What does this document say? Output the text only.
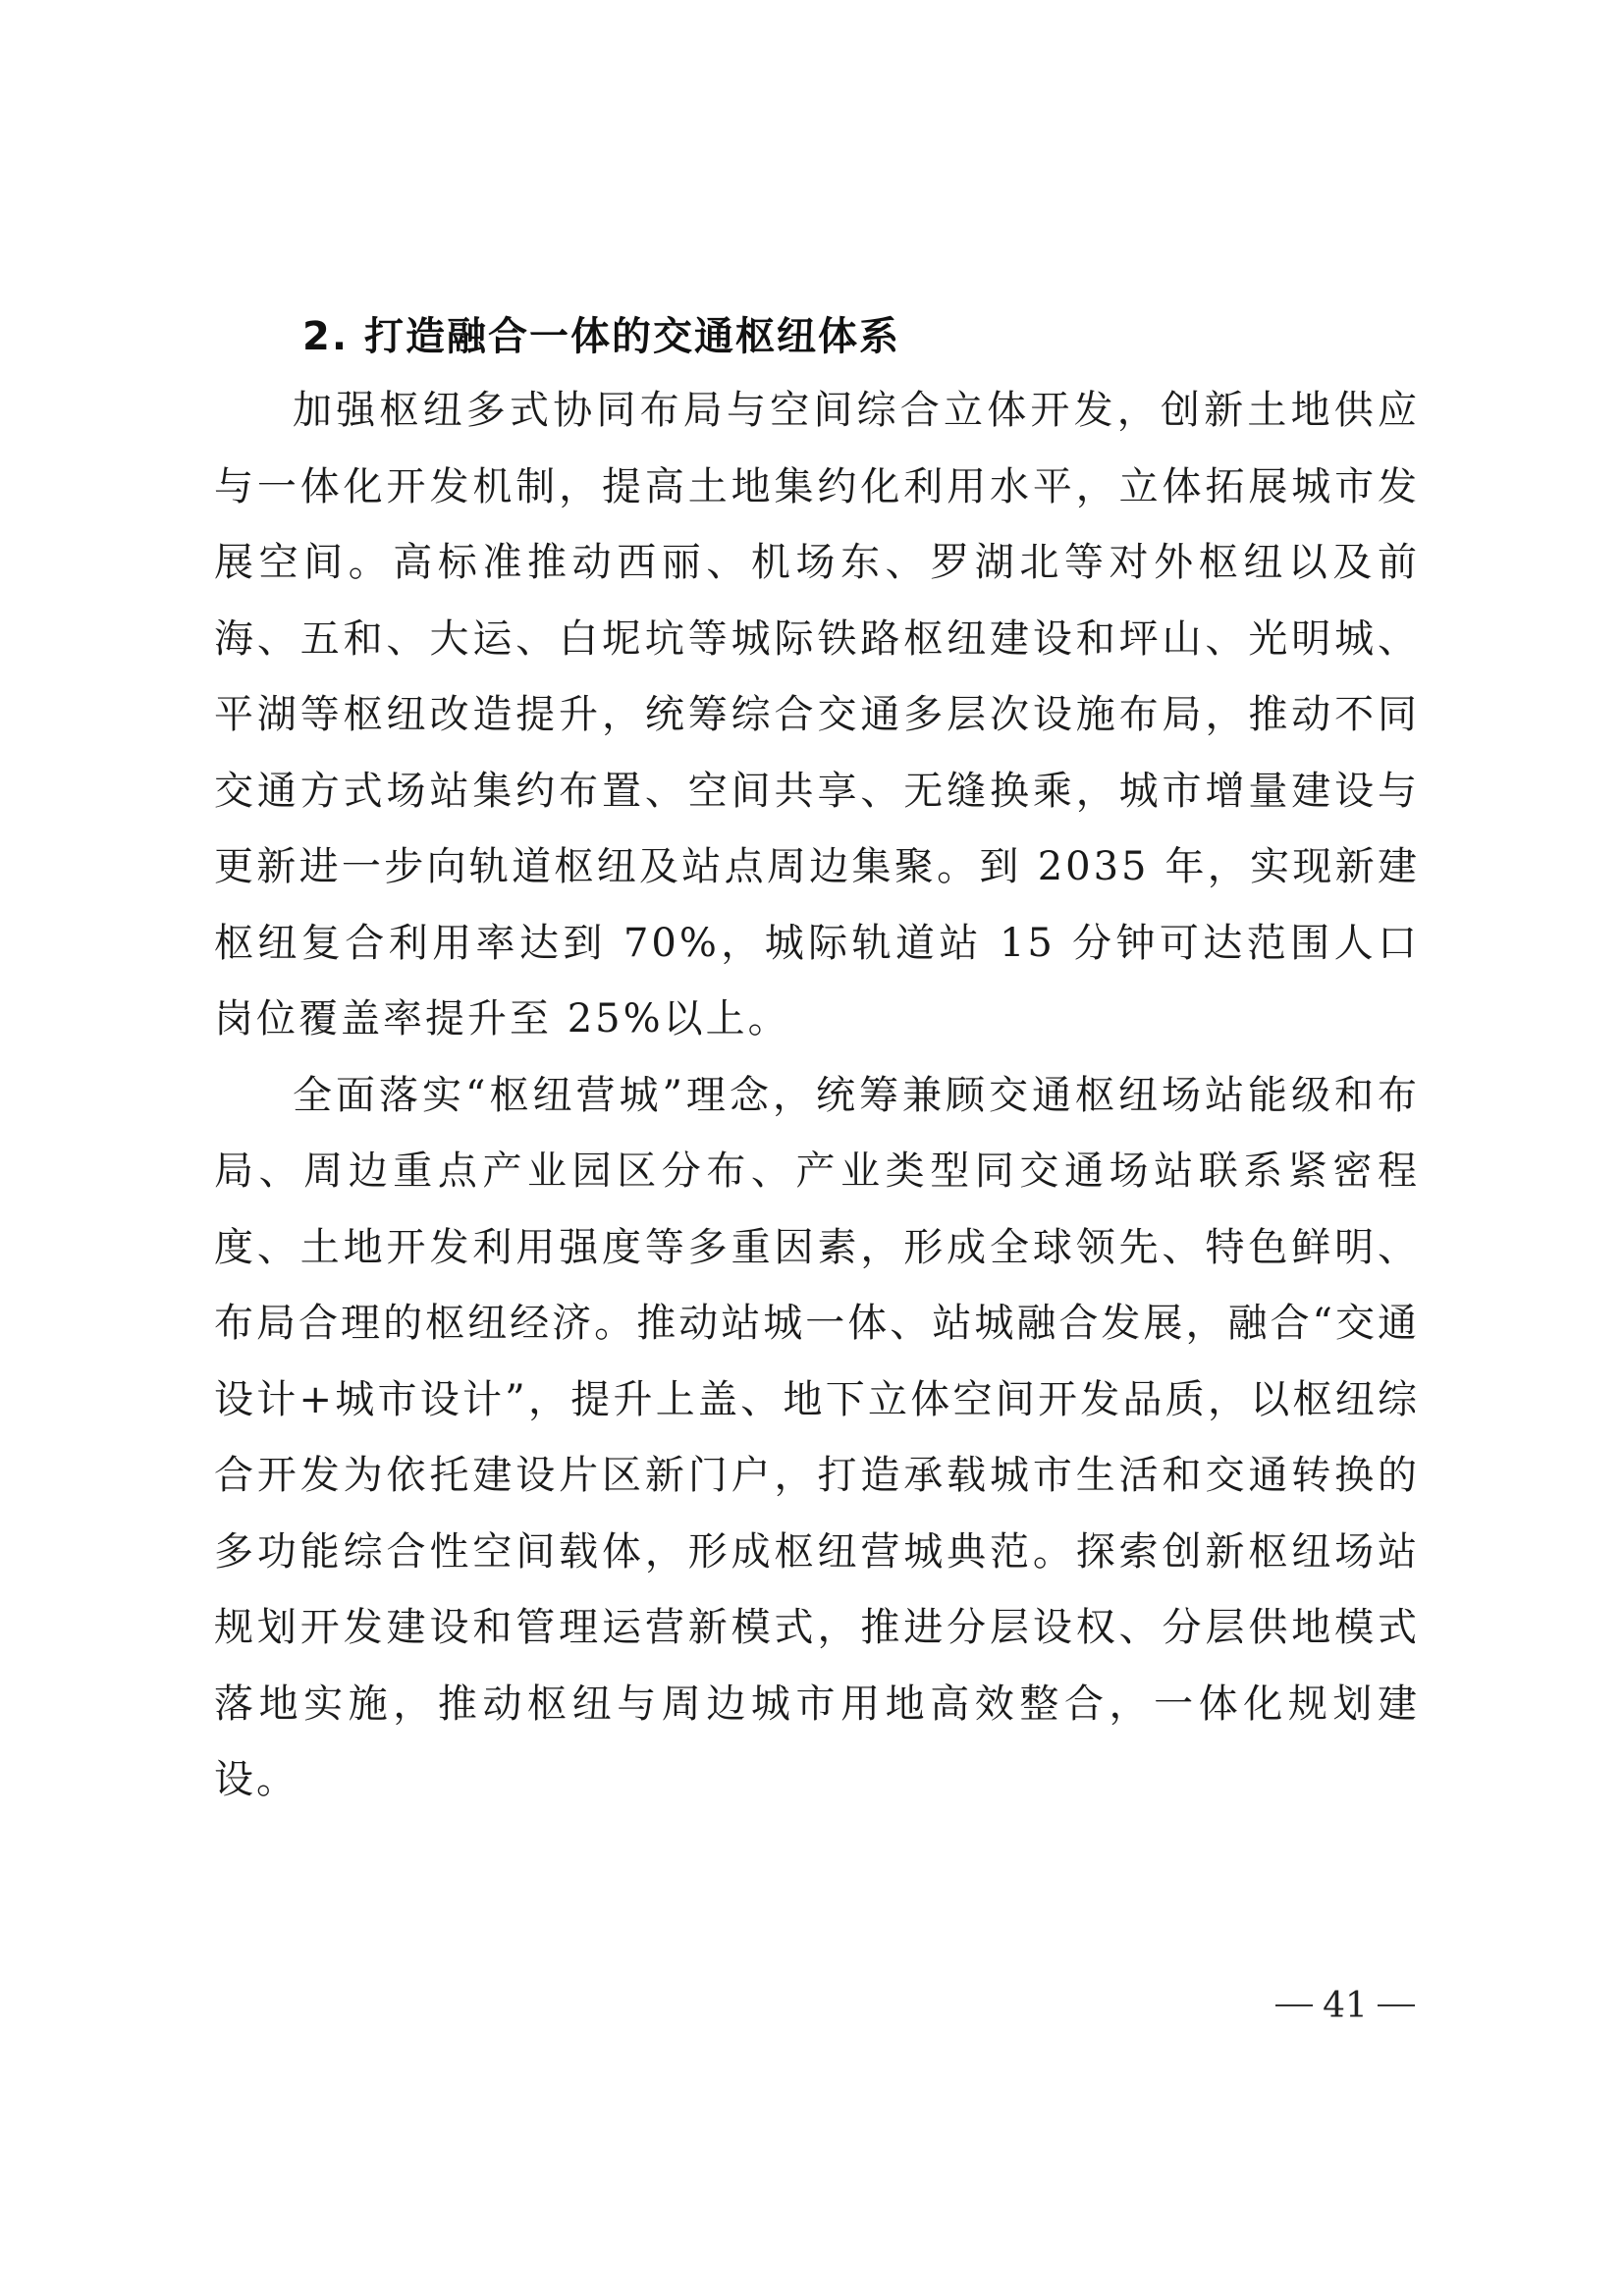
2. 打造融合一体的交通枢纽体系

加强枢纽多式协同布局与空间综合立体开发，创新土地供应与一体化开发机制，提高土地集约化利用水平，立体拓展城市发展空间。高标准推动西丽、机场东、罗湖北等对外枢纽以及前海、五和、大运、白坭坑等城际铁路枢纽建设和坪山、光明城、平湖等枢纽改造提升，统筹综合交通多层次设施布局，推动不同交通方式场站集约布置、空间共享、无缝换乘，城市增量建设与更新进一步向轨道枢纽及站点周边集聚。到 2035 年，实现新建枢纽复合利用率达到 70%，城际轨道站 15 分钟可达范围人口岗位覆盖率提升至 25%以上。

全面落实“枢纽营城”理念，统筹兼顾交通枢纽场站能级和布局、周边重点产业园区分布、产业类型同交通场站联系紧密程度、土地开发利用强度等多重因素，形成全球领先、特色鲜明、布局合理的枢纽经济。推动站城一体、站城融合发展，融合“交通设计+城市设计”，提升上盖、地下立体空间开发品质，以枢纽综合开发为依托建设片区新门户，打造承载城市生活和交通转换的多功能综合性空间载体，形成枢纽营城典范。探索创新枢纽场站规划开发建设和管理运营新模式，推进分层设权、分层供地模式落地实施，推动枢纽与周边城市用地高效整合，一体化规划建设。

41
